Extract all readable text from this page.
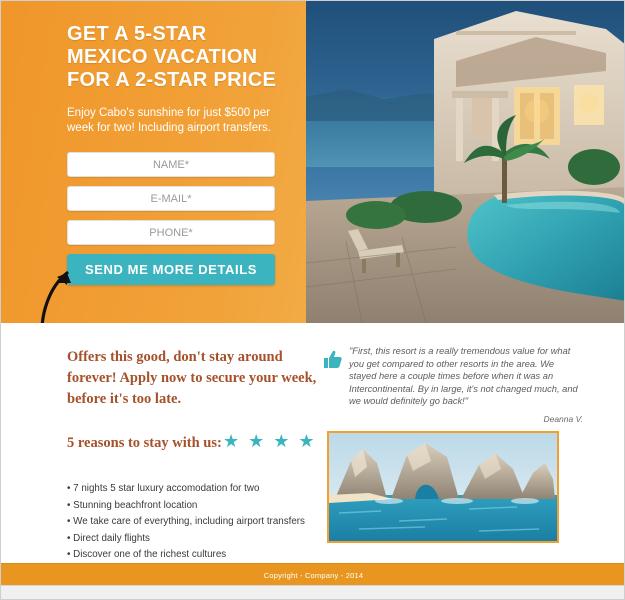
GET A 5-STAR
MEXICO VACATION
FOR A 2-STAR PRICE

Enjoy Cabo's sunshine for just $500 per week for two! Including airport transfers.

NAME*
E-MAIL*
PHONE*
SEND ME MORE DETAILS
Offers this good, don't stay around forever! Apply now to secure your week, before it's too late.
"First, this resort is a really tremendous value for what you get compared to other resorts in the area. We stayed here a couple times before when it was an Intercontinental. By in large, it's not changed much, and we would definitely go back!"
Deanna V.
5 reasons to stay with us: ★ ★ ★ ★
• 7 nights 5 star luxury accomodation for two
• Stunning beachfront location
• We take care of everything, including airport transfers
• Direct daily flights
• Discover one of the richest cultures
Copyright - Company - 2014
